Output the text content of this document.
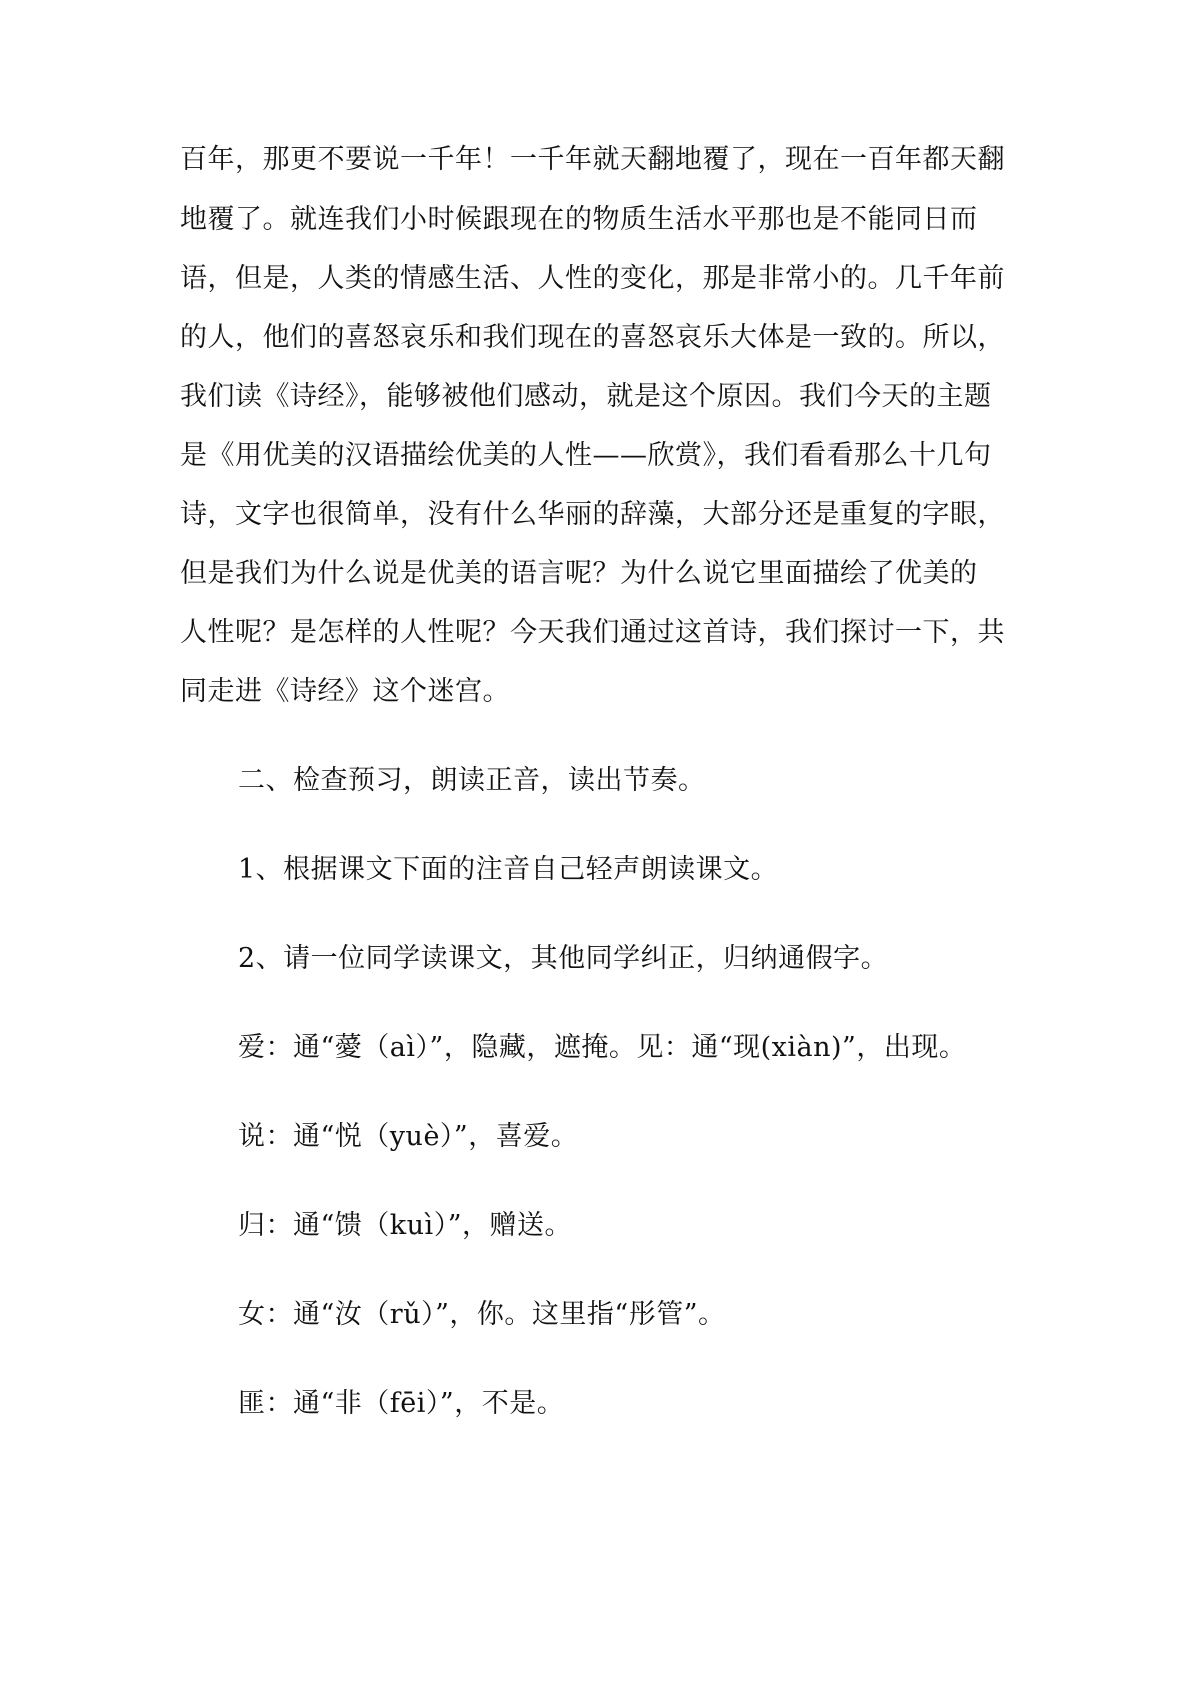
百年，那更不要说一千年！一千年就天翻地覆了，现在一百年都天翻
地覆了。就连我们小时候跟现在的物质生活水平那也是不能同日而
语，但是，人类的情感生活、人性的变化，那是非常小的。几千年前
的人，他们的喜怒哀乐和我们现在的喜怒哀乐大体是一致的。所以，
我们读《诗经》，能够被他们感动，就是这个原因。我们今天的主题
是《用优美的汉语描绘优美的人性——欣赏》，我们看看那么十几句
诗，文字也很简单，没有什么华丽的辞藻，大部分还是重复的字眼，
但是我们为什么说是优美的语言呢？为什么说它里面描绘了优美的
人性呢？是怎样的人性呢？今天我们通过这首诗，我们探讨一下，共
同走进《诗经》这个迷宫。
二、检查预习，朗读正音，读出节奏。
1、根据课文下面的注音自己轻声朗读课文。
2、请一位同学读课文，其他同学纠正，归纳通假字。
爱：通“薆（aì）”，隐藏，遮掩。见：通“现(xiàn)”，出现。
说：通“悦（yuè）”，喜爱。
归：通“馈（kuì）”，赠送。
女：通“汝（rǔ）”，你。这里指“彤管”。
匪：通“非（fēi）”，不是。
